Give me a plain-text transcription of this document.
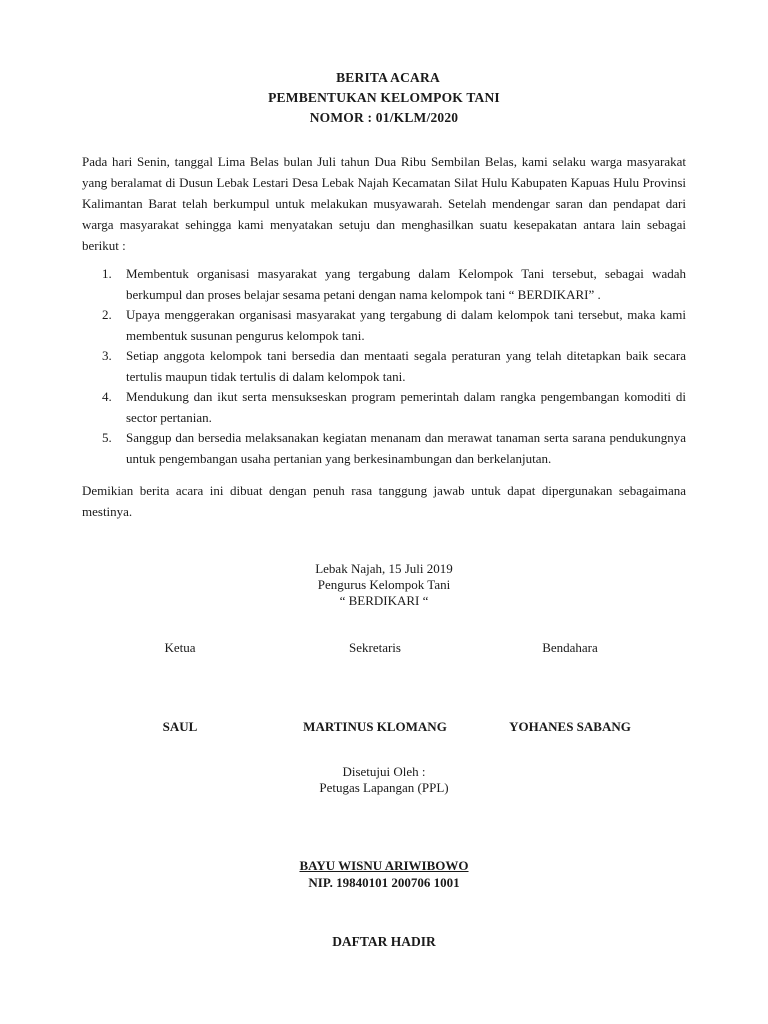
BERITA ACARA
PEMBENTUKAN KELOMPOK TANI
NOMOR : 01/KLM/2020
Pada hari Senin, tanggal Lima Belas bulan Juli tahun Dua Ribu Sembilan Belas, kami selaku warga masyarakat yang beralamat di Dusun Lebak Lestari Desa Lebak Najah Kecamatan Silat Hulu Kabupaten Kapuas Hulu Provinsi Kalimantan Barat telah berkumpul untuk melakukan musyawarah. Setelah mendengar saran dan pendapat dari warga masyarakat sehingga kami menyatakan setuju dan menghasilkan suatu kesepakatan antara lain sebagai berikut :
1. Membentuk organisasi masyarakat yang tergabung dalam Kelompok Tani tersebut, sebagai wadah berkumpul dan proses belajar sesama petani dengan nama kelompok tani “ BERDIKARI” .
2. Upaya menggerakan organisasi masyarakat yang tergabung di dalam kelompok tani tersebut, maka kami membentuk susunan pengurus kelompok tani.
3. Setiap anggota kelompok tani bersedia dan mentaati segala peraturan yang telah ditetapkan baik secara tertulis maupun tidak tertulis di dalam kelompok tani.
4. Mendukung dan ikut serta mensukseskan program pemerintah dalam rangka pengembangan komoditi di sector pertanian.
5. Sanggup dan bersedia melaksanakan kegiatan menanam dan merawat tanaman serta sarana pendukungnya untuk pengembangan usaha pertanian yang berkesinambungan dan berkelanjutan.
Demikian berita acara ini dibuat dengan penuh rasa tanggung jawab untuk dapat dipergunakan sebagaimana mestinya.
Lebak Najah, 15 Juli 2019
Pengurus Kelompok Tani
“ BERDIKARI “
Ketua	Sekretaris	Bendahara
SAUL	MARTINUS KLOMANG	YOHANES SABANG
Disetujui Oleh :
Petugas Lapangan (PPL)
BAYU WISNU ARIWIBOWO
NIP. 19840101 200706 1001
DAFTAR HADIR
